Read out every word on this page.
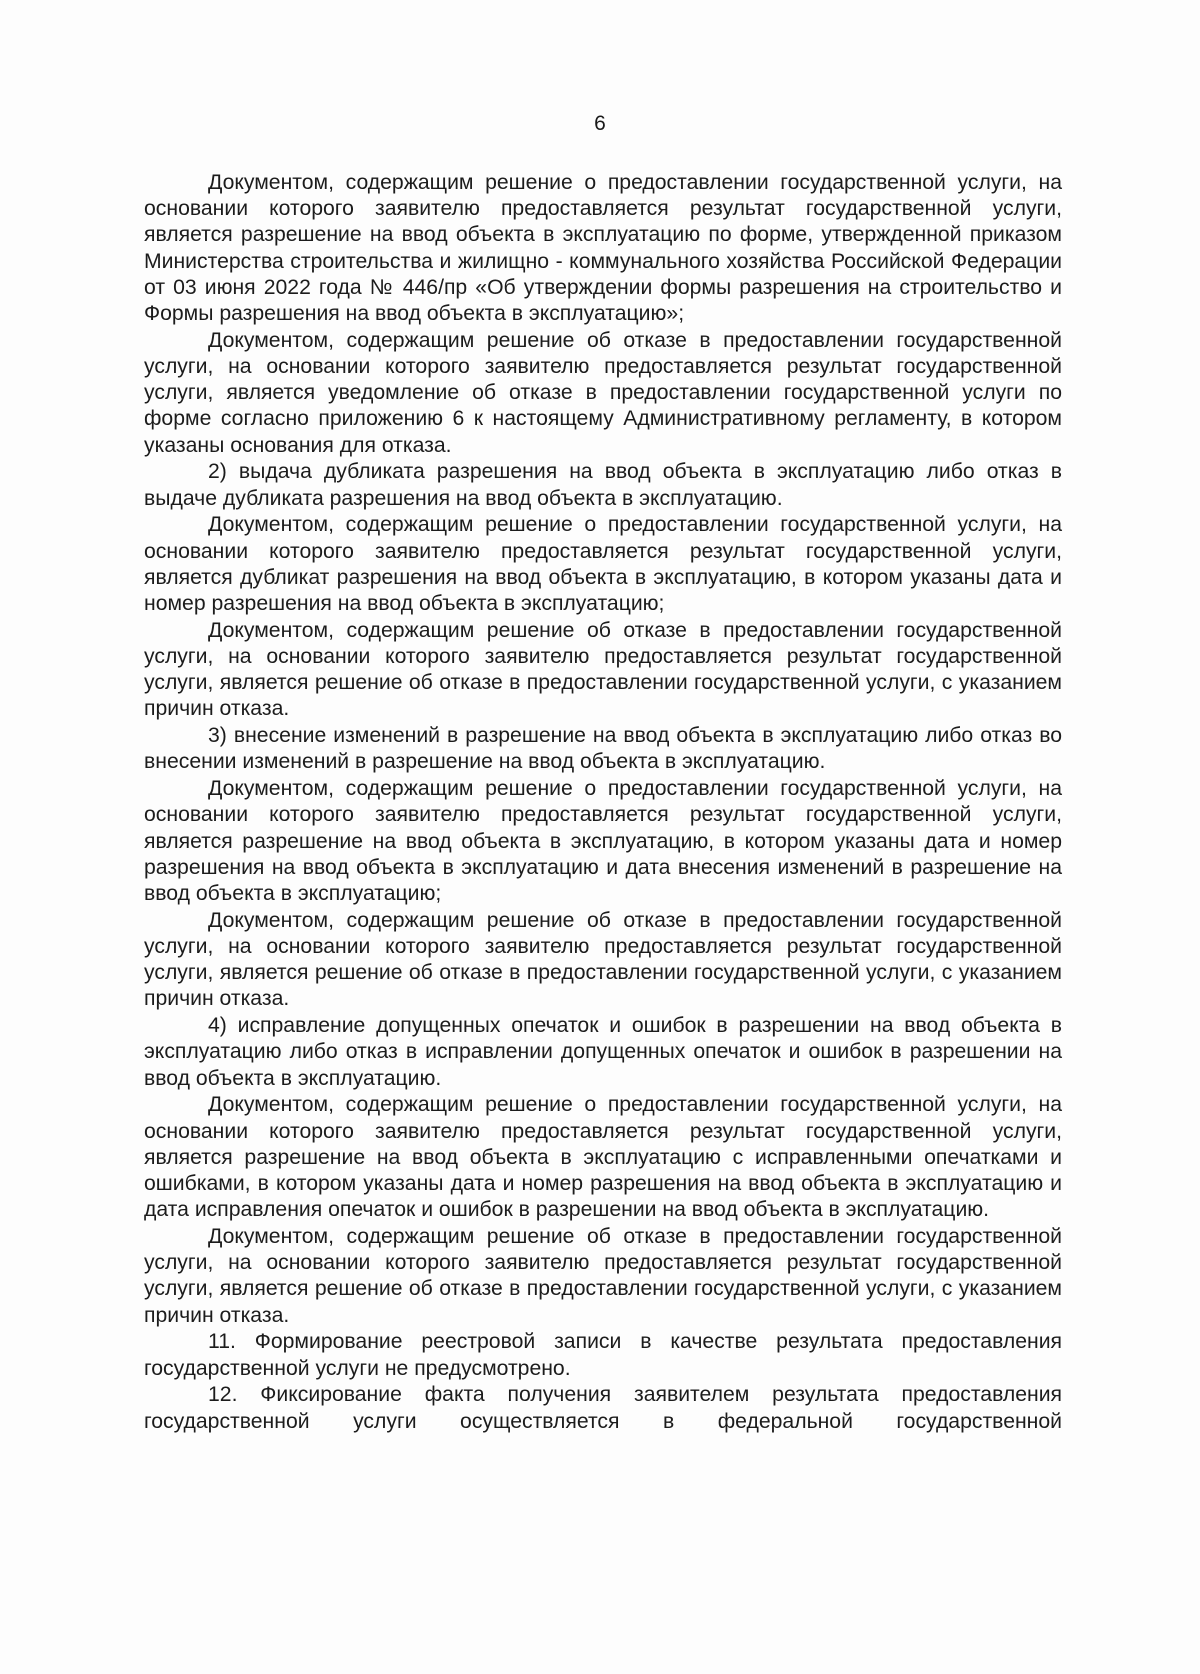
6

Документом, содержащим решение о предоставлении государственной услуги, на основании которого заявителю предоставляется результат государственной услуги, является разрешение на ввод объекта в эксплуатацию по форме, утвержденной приказом Министерства строительства и жилищно - коммунального хозяйства Российской Федерации от 03 июня 2022 года № 446/пр «Об утверждении формы разрешения на строительство и Формы разрешения на ввод объекта в эксплуатацию»;

Документом, содержащим решение об отказе в предоставлении государственной услуги, на основании которого заявителю предоставляется результат государственной услуги, является уведомление об отказе в предоставлении государственной услуги по форме согласно приложению 6 к настоящему Административному регламенту, в котором указаны основания для отказа.

2) выдача дубликата разрешения на ввод объекта в эксплуатацию либо отказ в выдаче дубликата разрешения на ввод объекта в эксплуатацию.

Документом, содержащим решение о предоставлении государственной услуги, на основании которого заявителю предоставляется результат государственной услуги, является дубликат разрешения на ввод объекта в эксплуатацию, в котором указаны дата и номер разрешения на ввод объекта в эксплуатацию;

Документом, содержащим решение об отказе в предоставлении государственной услуги, на основании которого заявителю предоставляется результат государственной услуги, является решение об отказе в предоставлении государственной услуги, с указанием причин отказа.

3) внесение изменений в разрешение на ввод объекта в эксплуатацию либо отказ во внесении изменений в разрешение на ввод объекта в эксплуатацию.

Документом, содержащим решение о предоставлении государственной услуги, на основании которого заявителю предоставляется результат государственной услуги, является разрешение на ввод объекта в эксплуатацию, в котором указаны дата и номер разрешения на ввод объекта в эксплуатацию и дата внесения изменений в разрешение на ввод объекта в эксплуатацию;

Документом, содержащим решение об отказе в предоставлении государственной услуги, на основании которого заявителю предоставляется результат государственной услуги, является решение об отказе в предоставлении государственной услуги, с указанием причин отказа.

4) исправление допущенных опечаток и ошибок в разрешении на ввод объекта в эксплуатацию либо отказ в исправлении допущенных опечаток и ошибок в разрешении на ввод объекта в эксплуатацию.

Документом, содержащим решение о предоставлении государственной услуги, на основании которого заявителю предоставляется результат государственной услуги, является разрешение на ввод объекта в эксплуатацию с исправленными опечатками и ошибками, в котором указаны дата и номер разрешения на ввод объекта в эксплуатацию и дата исправления опечаток и ошибок в разрешении на ввод объекта в эксплуатацию.

Документом, содержащим решение об отказе в предоставлении государственной услуги, на основании которого заявителю предоставляется результат государственной услуги, является решение об отказе в предоставлении государственной услуги, с указанием причин отказа.

11. Формирование реестровой записи в качестве результата предоставления государственной услуги не предусмотрено.

12. Фиксирование факта получения заявителем результата предоставления государственной услуги осуществляется в федеральной государственной
